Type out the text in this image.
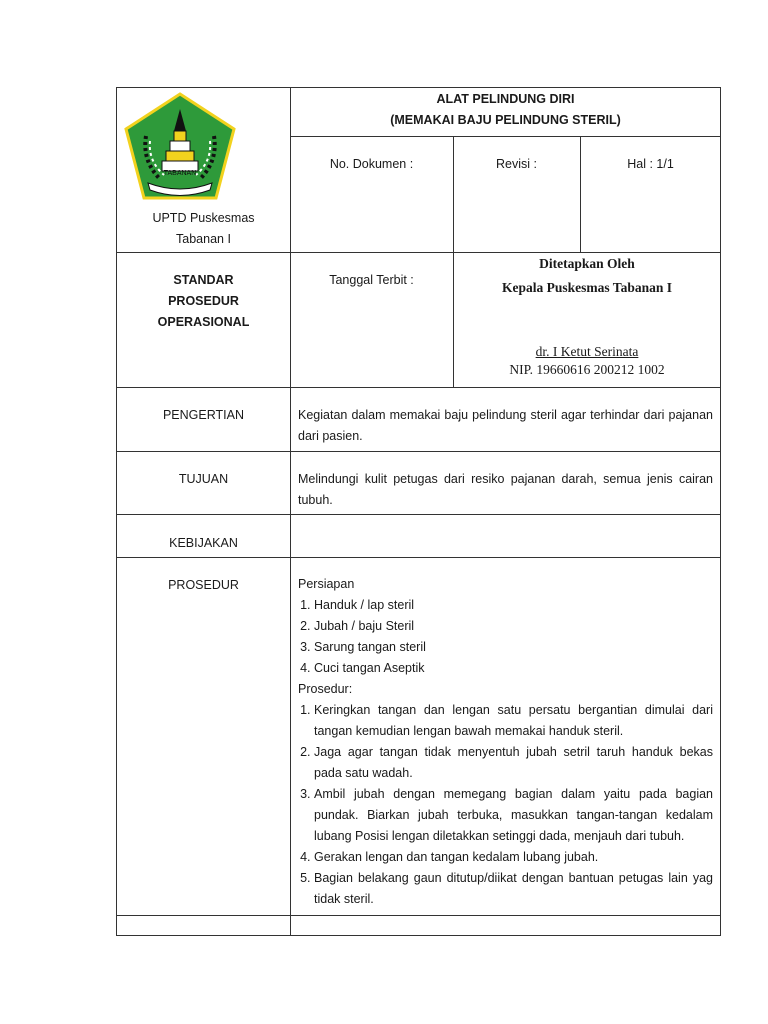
TABANAN
UPTD Puskesmas
Tabanan I
ALAT PELINDUNG DIRI
(MEMAKAI BAJU PELINDUNG STERIL)
No. Dokumen :	Revisi :	Hal : 1/1
STANDAR
PROSEDUR
OPERASIONAL
Tanggal Terbit :
Ditetapkan Oleh
Kepala Puskesmas Tabanan I
dr. I Ketut Serinata
NIP. 19660616 200212 1002
PENGERTIAN	Kegiatan dalam memakai baju pelindung steril agar terhindar dari pajanan dari pasien.
TUJUAN	Melindungi kulit petugas dari resiko pajanan darah, semua jenis cairan tubuh.
KEBIJAKAN
PROSEDUR	Persiapan
1. Handuk / lap steril
2. Jubah / baju Steril
3. Sarung tangan steril
4. Cuci tangan Aseptik
Prosedur:
1. Keringkan tangan dan lengan satu persatu bergantian dimulai dari tangan kemudian lengan bawah memakai handuk steril.
2. Jaga agar tangan tidak menyentuh jubah setril taruh handuk bekas pada satu wadah.
3. Ambil jubah dengan memegang bagian dalam yaitu pada bagian pundak. Biarkan jubah terbuka, masukkan tangan-tangan kedalam lubang Posisi lengan diletakkan setinggi dada, menjauh dari tubuh.
4. Gerakan lengan dan tangan kedalam lubang jubah.
5. Bagian belakang gaun ditutup/diikat dengan bantuan petugas lain yag tidak steril.
